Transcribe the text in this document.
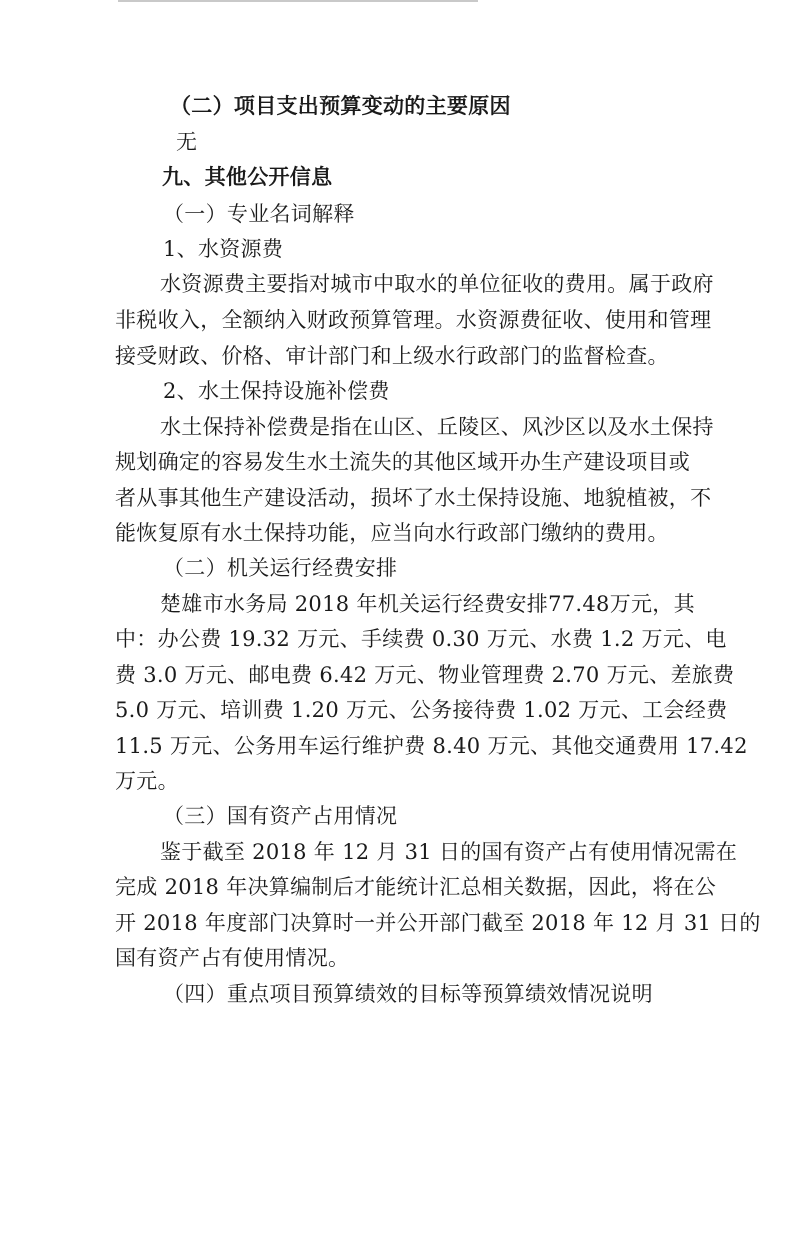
（二）项目支出预算变动的主要原因
无
九、其他公开信息
（一）专业名词解释
1、水资源费
水资源费主要指对城市中取水的单位征收的费用。属于政府
非税收入，全额纳入财政预算管理。水资源费征收、使用和管理
接受财政、价格、审计部门和上级水行政部门的监督检查。
2、水土保持设施补偿费
水土保持补偿费是指在山区、丘陵区、风沙区以及水土保持
规划确定的容易发生水土流失的其他区域开办生产建设项目或
者从事其他生产建设活动，损坏了水土保持设施、地貌植被，不
能恢复原有水土保持功能，应当向水行政部门缴纳的费用。
（二）机关运行经费安排
楚雄市水务局 2018 年机关运行经费安排77.48万元，其
中：办公费 19.32 万元、手续费 0.30 万元、水费 1.2 万元、电
费 3.0 万元、邮电费 6.42 万元、物业管理费 2.70 万元、差旅费
5.0 万元、培训费 1.20 万元、公务接待费 1.02 万元、工会经费
11.5 万元、公务用车运行维护费 8.40 万元、其他交通费用 17.42
万元。
（三）国有资产占用情况
鉴于截至 2018 年 12 月 31 日的国有资产占有使用情况需在
完成 2018 年决算编制后才能统计汇总相关数据，因此，将在公
开 2018 年度部门决算时一并公开部门截至 2018 年 12 月 31 日的
国有资产占有使用情况。
（四）重点项目预算绩效的目标等预算绩效情况说明
